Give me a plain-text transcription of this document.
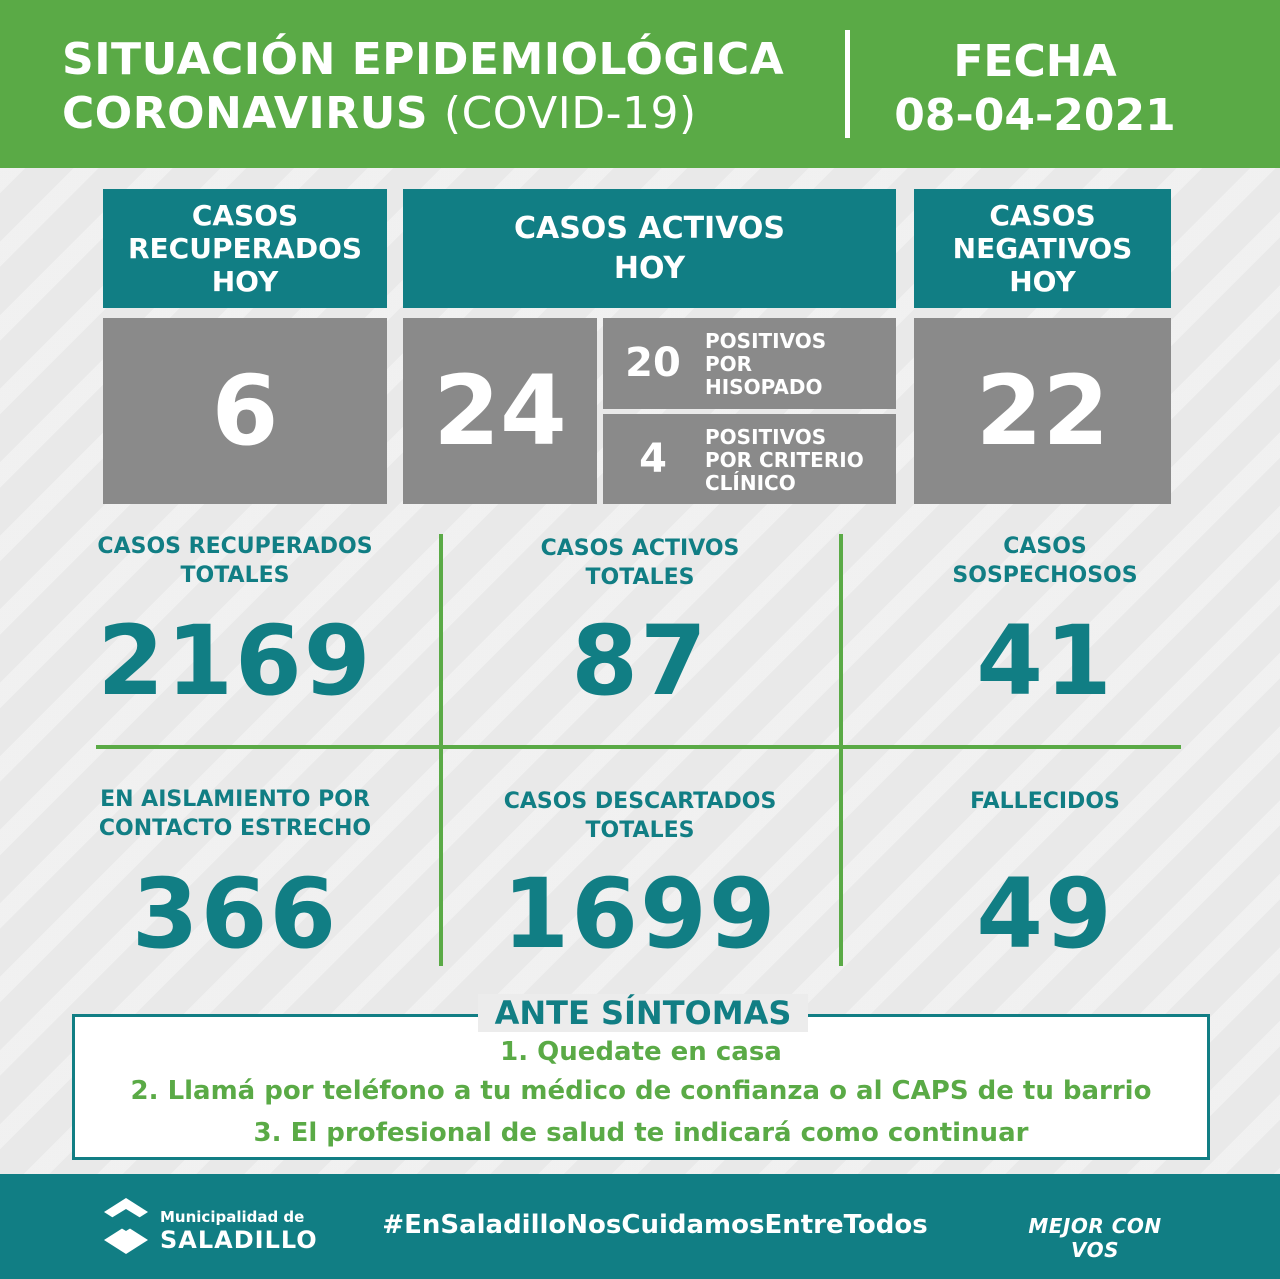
SITUACIÓN EPIDEMIOLÓGICA
CORONAVIRUS (COVID-19)
FECHA
08-04-2021
CASOS
RECUPERADOS
HOY
6
CASOS ACTIVOS
HOY
24	20	POSITIVOS
POR
HISOPADO
4	POSITIVOS
POR CRITERIO
CLÍNICO
CASOS
NEGATIVOS
HOY
22
CASOS RECUPERADOS
TOTALES
2169
CASOS ACTIVOS
TOTALES
87
CASOS
SOSPECHOSOS
41
EN AISLAMIENTO POR
CONTACTO ESTRECHO
366
CASOS DESCARTADOS
TOTALES
1699
FALLECIDOS
49
ANTE SÍNTOMAS
1. Quedate en casa
2. Llamá por teléfono a tu médico de confianza o al CAPS de tu barrio
3. El profesional de salud te indicará como continuar
Municipalidad de
SALADILLO	#EnSaladilloNosCuidamosEntreTodos	MEJOR CON VOS
